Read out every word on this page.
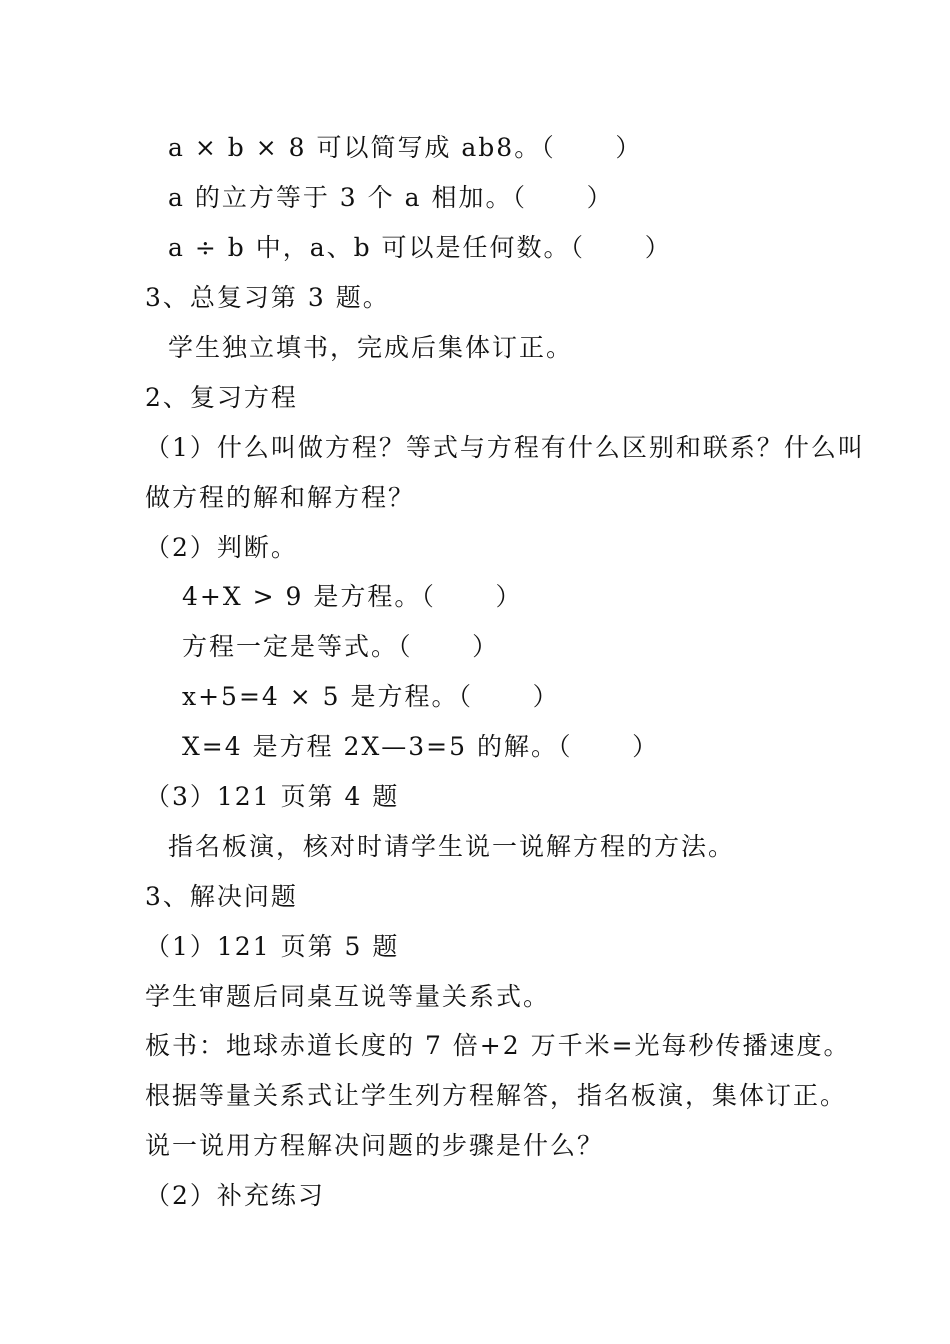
a × b × 8 可以简写成 ab8。（      ）
a 的立方等于 3 个 a 相加。（      ）
a ÷ b 中，a、b 可以是任何数。（      ）
3、总复习第 3 题。
学生独立填书，完成后集体订正。
2、复习方程
（1）什么叫做方程？等式与方程有什么区别和联系？什么叫
做方程的解和解方程？
（2）判断。
4+X > 9 是方程。（      ）
方程一定是等式。（      ）
x+5=4 × 5 是方程。（      ）
X=4 是方程 2X—3=5 的解。（      ）
（3）121 页第 4 题
指名板演，核对时请学生说一说解方程的方法。
3、解决问题
（1）121 页第 5 题
学生审题后同桌互说等量关系式。
板书：地球赤道长度的 7 倍+2 万千米=光每秒传播速度。
根据等量关系式让学生列方程解答，指名板演，集体订正。
说一说用方程解决问题的步骤是什么？
（2）补充练习
